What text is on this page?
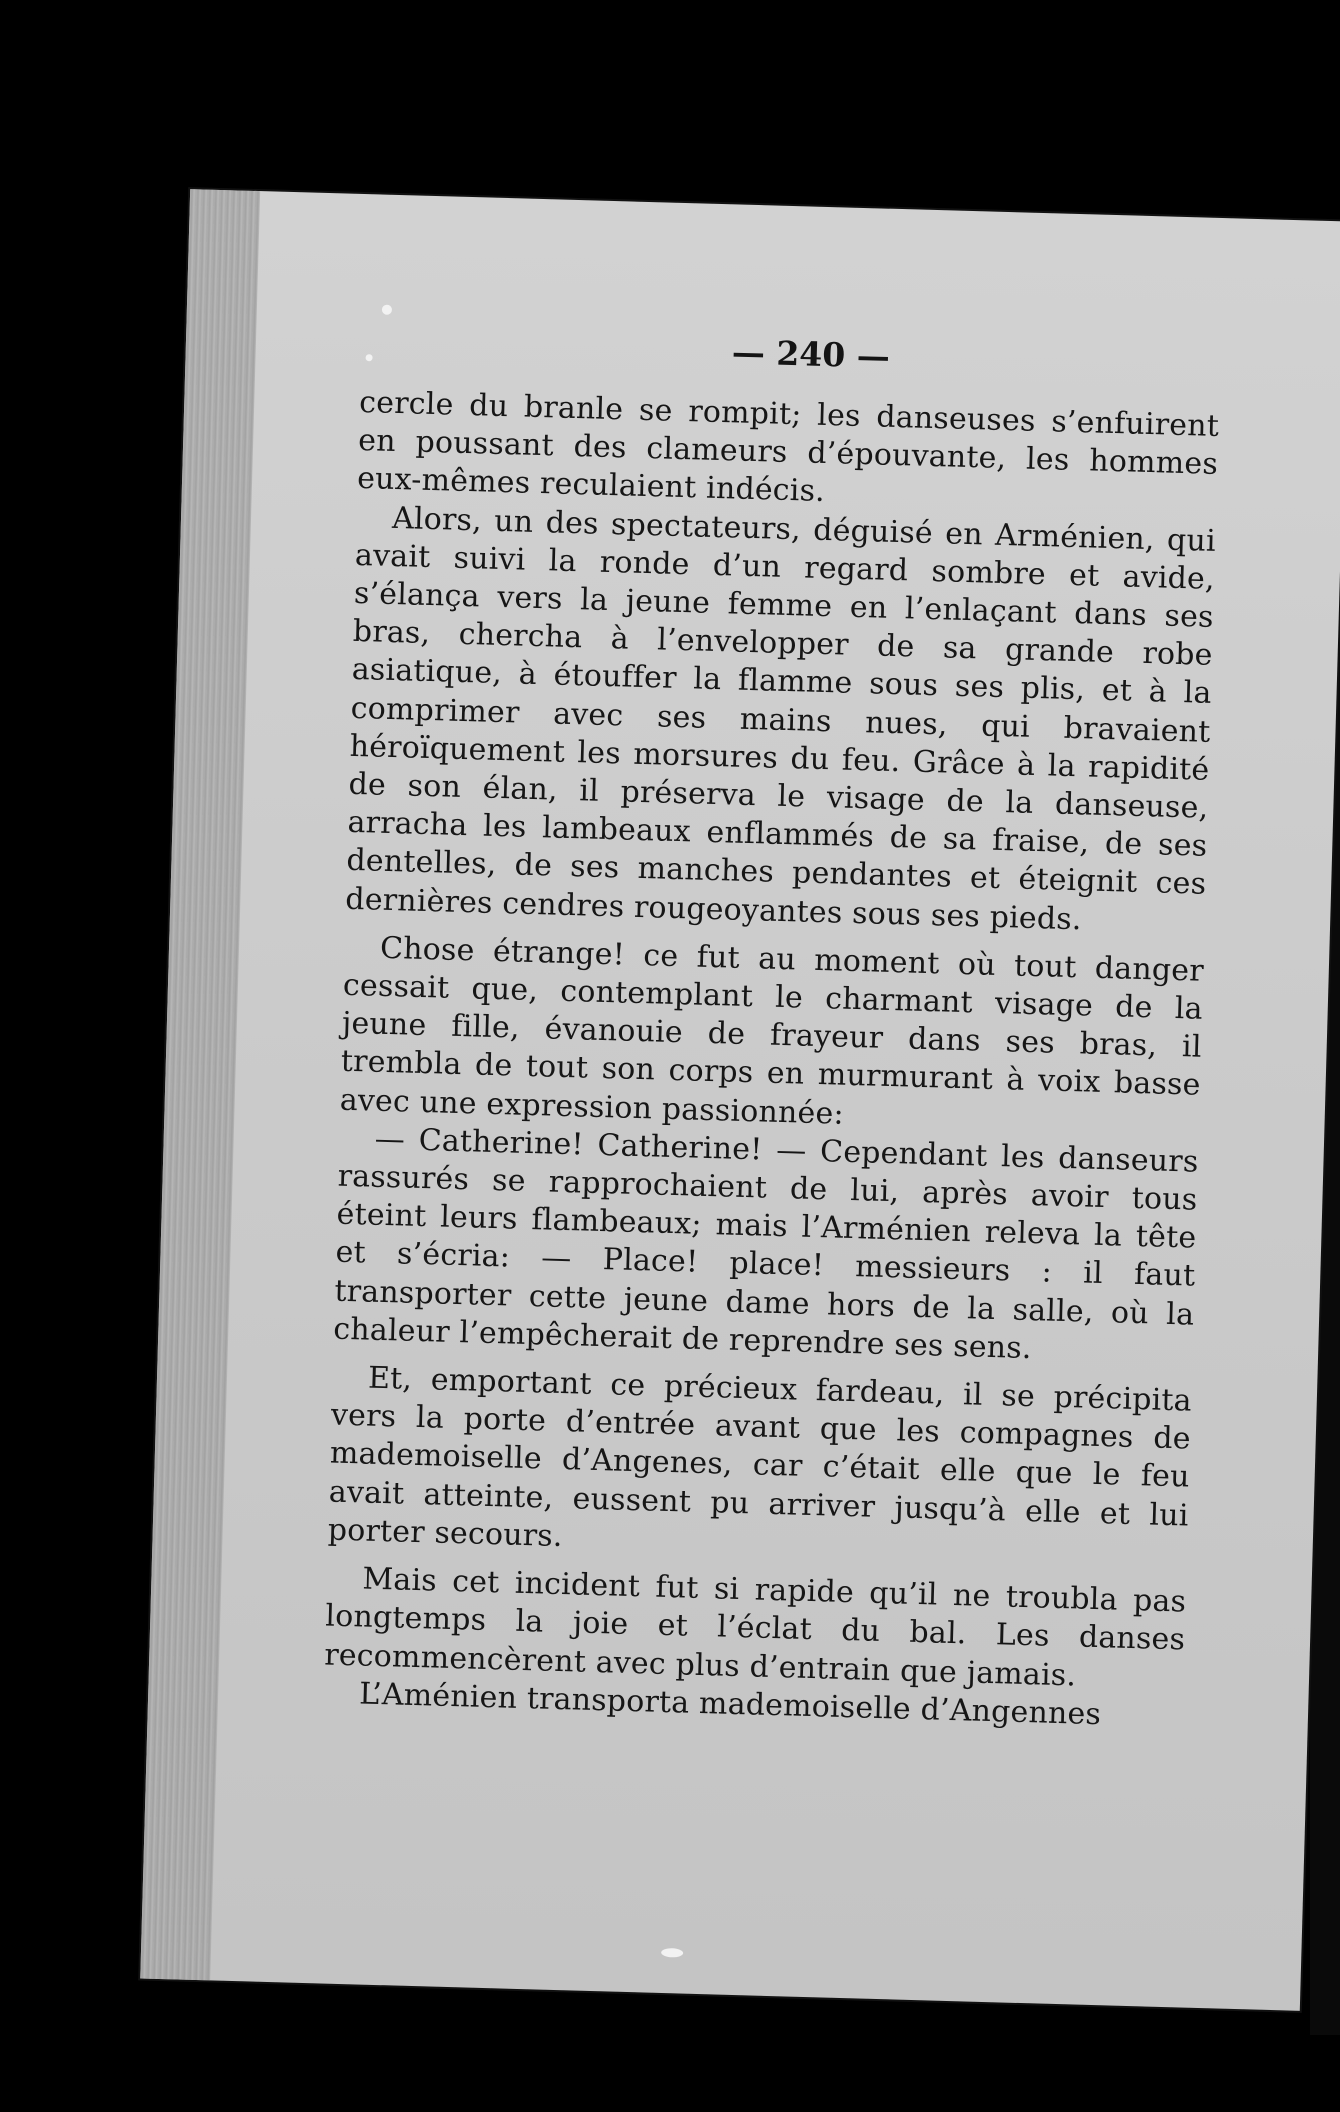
— 240 —

cercle du branle se rompit; les danseuses s’enfuirent en poussant des clameurs d’épouvante, les hommes eux-mêmes reculaient indécis.

Alors, un des spectateurs, déguisé en Arménien, qui avait suivi la ronde d’un regard sombre et avide, s’élança vers la jeune femme en l’enlaçant dans ses bras, chercha à l’envelopper de sa grande robe asiatique, à étouffer la flamme sous ses plis, et à la comprimer avec ses mains nues, qui bravaient héroïquement les morsures du feu. Grâce à la rapidité de son élan, il préserva le visage de la danseuse, arracha les lambeaux enflammés de sa fraise, de ses dentelles, de ses manches pendantes et éteignit ces dernières cendres rougeoyantes sous ses pieds.

Chose étrange! ce fut au moment où tout danger cessait que, contemplant le charmant visage de la jeune fille, évanouie de frayeur dans ses bras, il trembla de tout son corps en murmurant à voix basse avec une expression passionnée:

— Catherine! Catherine! — Cependant les danseurs rassurés se rapprochaient de lui, après avoir tous éteint leurs flambeaux; mais l’Arménien releva la tête et s’écria: — Place! place! messieurs : il faut transporter cette jeune dame hors de la salle, où la chaleur l’empêcherait de reprendre ses sens.

Et, emportant ce précieux fardeau, il se précipita vers la porte d’entrée avant que les compagnes de mademoiselle d’Angenes, car c’était elle que le feu avait atteinte, eussent pu arriver jusqu’à elle et lui porter secours.

Mais cet incident fut si rapide qu’il ne troubla pas longtemps la joie et l’éclat du bal. Les danses recommencèrent avec plus d’entrain que jamais.

L’Aménien transporta mademoiselle d’Angennes
